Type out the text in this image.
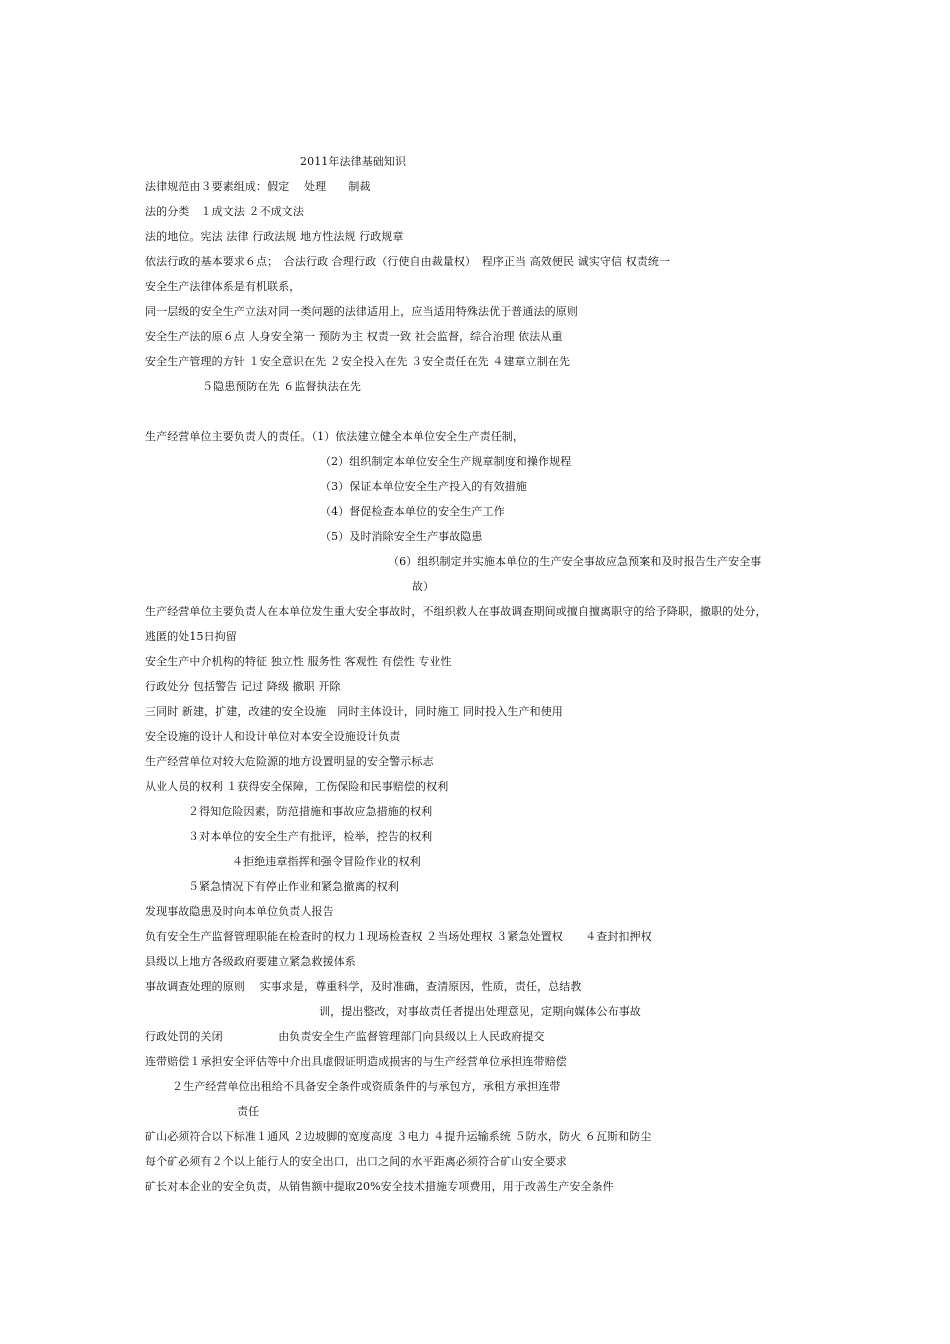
2011年法律基础知识
法律规范由３要素组成：假定　 处理　　制裁
法的分类　１成文法 ２不成文法
法的地位。宪法 法律 行政法规 地方性法规 行政规章
依法行政的基本要求６点；　合法行政 合理行政（行使自由裁量权）　程序正当 高效便民 诚实守信 权责统一
安全生产法律体系是有机联系，
同一层级的安全生产立法对同一类问题的法律适用上，应当适用特殊法优于普通法的原则
安全生产法的原６点 人身安全第一 预防为主 权责一致 社会监督，综合治理 依法从重
安全生产管理的方针 １安全意识在先 ２安全投入在先 ３安全责任在先 ４建章立制在先
５隐患预防在先 ６监督执法在先
生产经营单位主要负责人的责任。（1）依法建立健全本单位安全生产责任制，
（2）组织制定本单位安全生产规章制度和操作规程
（3）保证本单位安全生产投入的有效措施
（4）督促检查本单位的安全生产工作
（5）及时消除安全生产事故隐患
（6）组织制定并实施本单位的生产安全事故应急预案和及时报告生产安全事
故）
生产经营单位主要负责人在本单位发生重大安全事故时，不组织救人在事故调查期间或擅自擅离职守的给予降职，撤职的处分，
逃匿的处15日拘留
安全生产中介机构的特征 独立性 服务性 客观性 有偿性 专业性
行政处分 包括警告 记过 降级 撤职 开除
三同时 新建，扩建，改建的安全设施　同时主体设计，同时施工 同时投入生产和使用
安全设施的设计人和设计单位对本安全设施设计负责
生产经营单位对较大危险源的地方设置明显的安全警示标志
从业人员的权利 １获得安全保障，工伤保险和民事赔偿的权利
２得知危险因素，防范措施和事故应急措施的权利
３对本单位的安全生产有批评，检举，控告的权利
４拒绝违章指挥和强令冒险作业的权利
５紧急情况下有停止作业和紧急撤离的权利
发现事故隐患及时向本单位负责人报告
负有安全生产监督管理职能在检查时的权力１现场检查权 ２当场处理权 ３紧急处置权　　４查封扣押权
县级以上地方各级政府要建立紧急救援体系
事故调查处理的原则　 实事求是，尊重科学，及时准确，查清原因，性质，责任，总结教
训，提出整改，对事故责任者提出处理意见，定期向媒体公布事故
行政处罚的关闭　　　　　由负责安全生产监督管理部门向县级以上人民政府提交
连带赔偿１承担安全评估等中介出具虚假证明造成损害的与生产经营单位承担连带赔偿
２生产经营单位出租给不具备安全条件或资质条件的与承包方，承租方承担连带
责任
矿山必须符合以下标准１通风 ２边坡脚的宽度高度 ３电力 ４提升运输系统 ５防水，防火 ６瓦斯和防尘
每个矿必须有２个以上能行人的安全出口，出口之间的水平距离必须符合矿山安全要求
矿长对本企业的安全负责，从销售额中提取20%安全技术措施专项费用，用于改善生产安全条件
